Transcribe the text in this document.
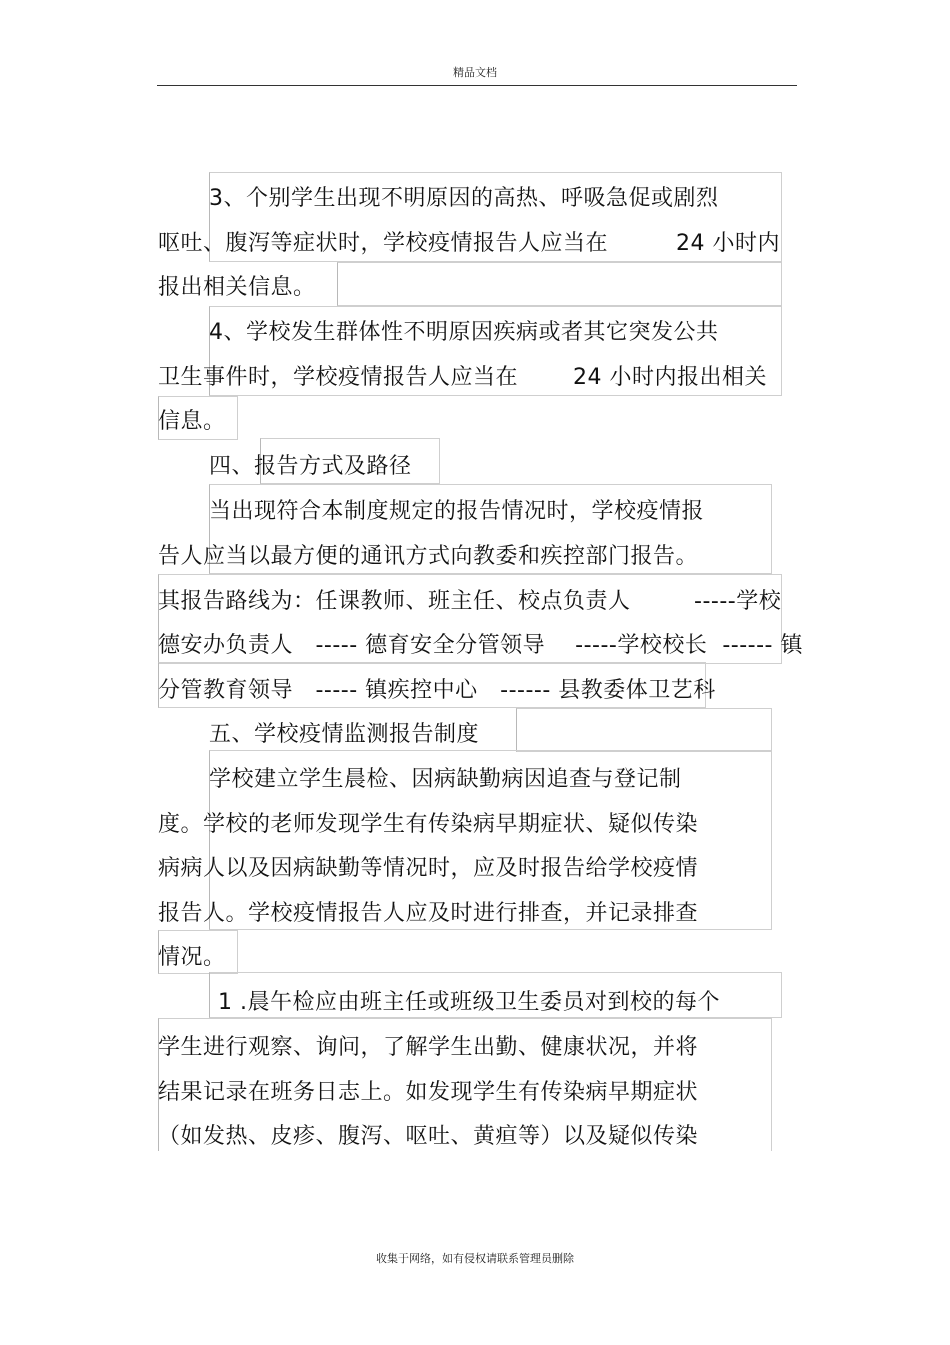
精品文档
3、个别学生出现不明原因的高热、呼吸急促或剧烈
呕吐、腹泻等症状时，学校疫情报告人应当在	24 小时内
报出相关信息。
4、学校发生群体性不明原因疾病或者其它突发公共
卫生事件时，学校疫情报告人应当在 24 小时内报出相关
信息。
四、报告方式及路径
当出现符合本制度规定的报告情况时，学校疫情报
告人应当以最方便的通讯方式向教委和疾控部门报告。
其报告路线为：任课教师、班主任、校点负责人	-----学校
德安办负责人   ----- 德育安全分管领导    -----学校校长  ------ 镇
分管教育领导   ----- 镇疾控中心   ------ 县教委体卫艺科
五、学校疫情监测报告制度
学校建立学生晨检、因病缺勤病因追查与登记制
度。学校的老师发现学生有传染病早期症状、疑似传染
病病人以及因病缺勤等情况时，应及时报告给学校疫情
报告人。学校疫情报告人应及时进行排查，并记录排查
情况。
1 .晨午检应由班主任或班级卫生委员对到校的每个
学生进行观察、询问，了解学生出勤、健康状况，并将
结果记录在班务日志上。如发现学生有传染病早期症状
（如发热、皮疹、腹泻、呕吐、黄疸等）以及疑似传染
收集于网络，如有侵权请联系管理员删除
